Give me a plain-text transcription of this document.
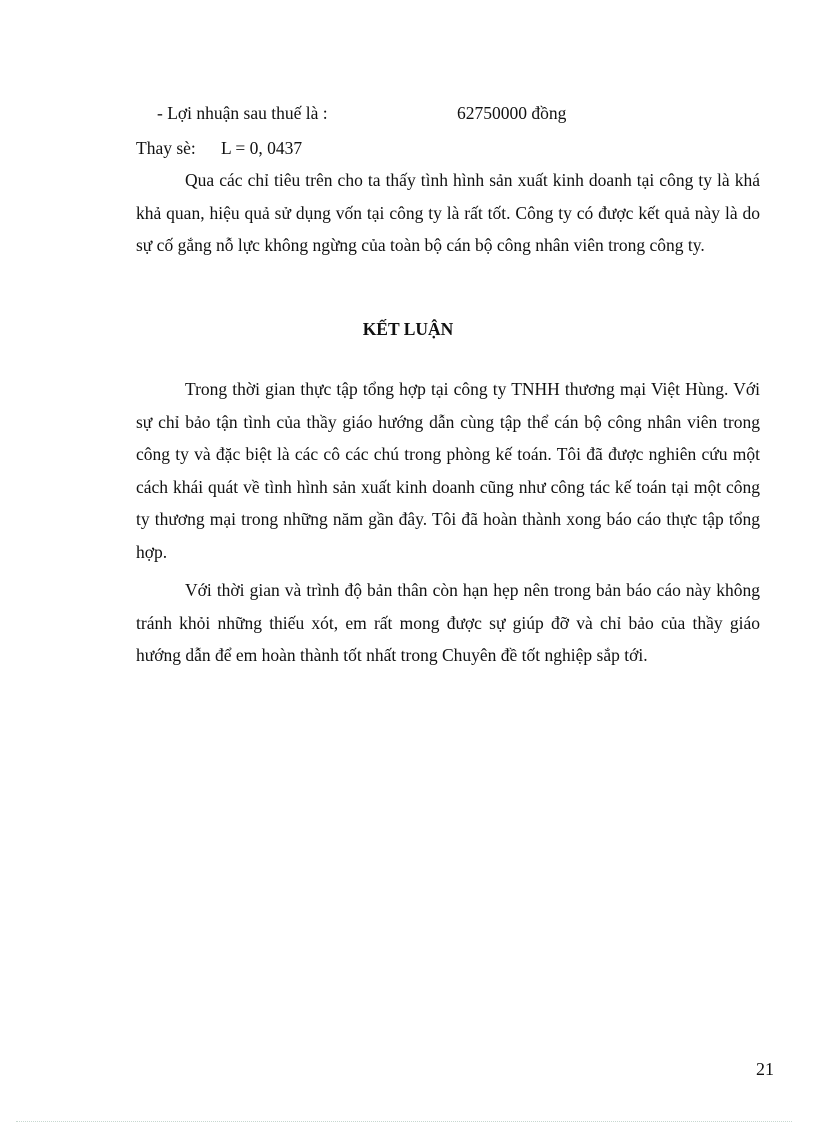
- Lợi nhuận sau thuế là :	62750000 đồng
Thay sè: L = 0, 0437
Qua các chỉ tiêu trên cho ta thấy tình hình sản xuất kinh doanh tại công ty là khá khả quan, hiệu quả sử dụng vốn tại công ty là rất tốt. Công ty có được kết quả này là do sự cố gắng nỗ lực không ngừng của toàn bộ cán bộ công nhân viên trong công ty.
KẾT LUẬN
Trong thời gian thực tập tổng hợp tại công ty TNHH thương mại Việt Hùng. Với sự chỉ bảo tận tình của thầy giáo hướng dẫn cùng tập thể cán bộ công nhân viên trong công ty và đặc biệt là các cô các chú trong phòng kế toán. Tôi đã được nghiên cứu một cách khái quát về tình hình sản xuất kinh doanh cũng như công tác kế toán tại một công ty thương mại trong những năm gần đây. Tôi đã hoàn thành xong báo cáo thực tập tổng hợp.
Với thời gian và trình độ bản thân còn hạn hẹp nên trong bản báo cáo này không tránh khỏi những thiếu xót, em rất mong được sự giúp đỡ và chỉ bảo của thầy giáo hướng dẫn để em hoàn thành tốt nhất trong Chuyên đề tốt nghiệp sắp tới.
21
